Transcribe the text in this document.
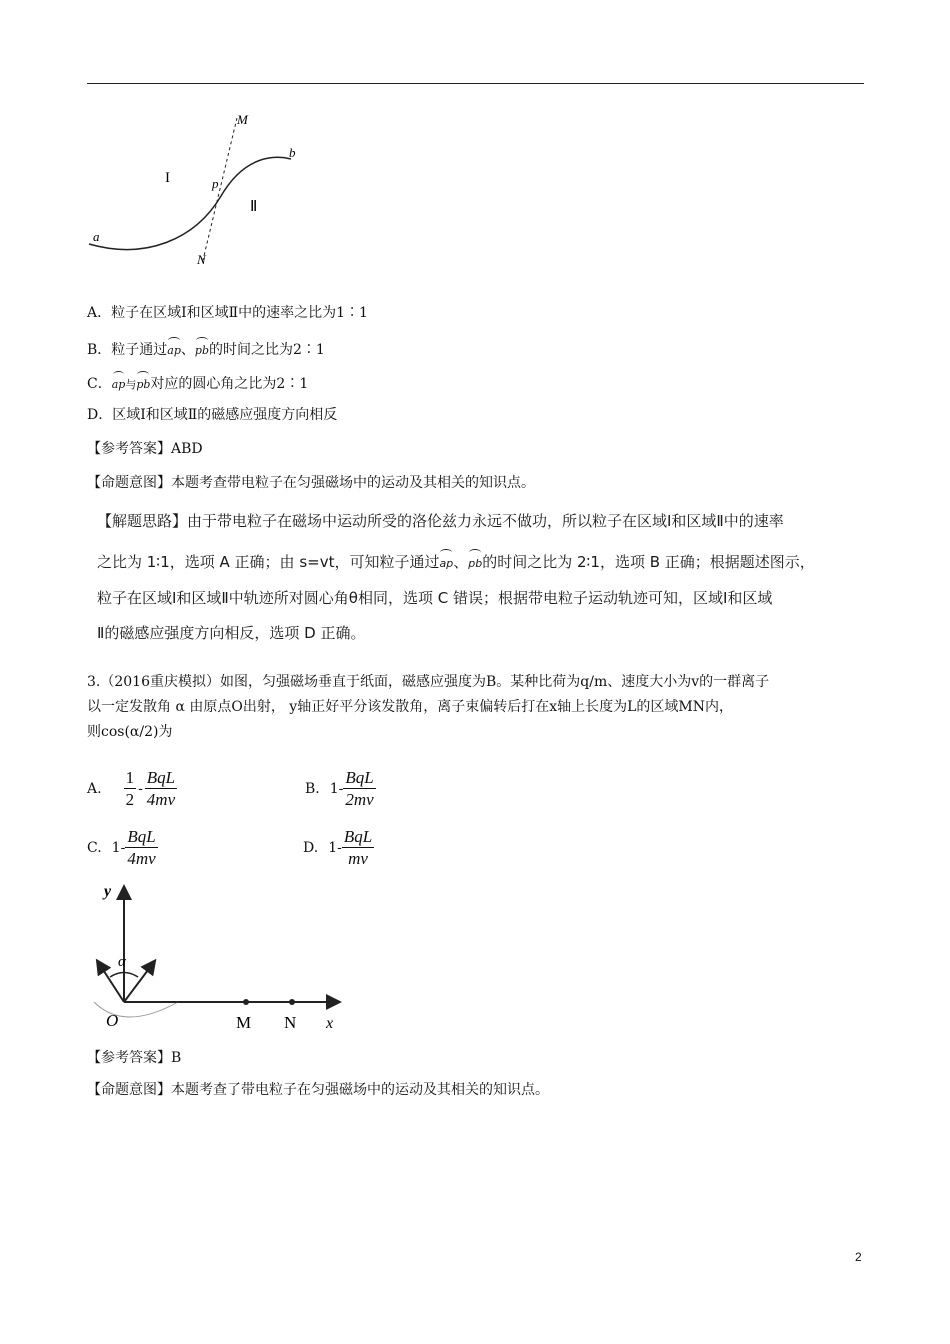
M
b
I	p
Ⅱ
a
N
A．粒子在区域Ⅰ和区域Ⅱ中的速率之比为1∶1
B．粒子通过ap、pb的时间之比为2∶1
C．ap与pb对应的圆心角之比为2∶1
D．区域Ⅰ和区域Ⅱ的磁感应强度方向相反
【参考答案】ABD
【命题意图】本题考查带电粒子在匀强磁场中的运动及其相关的知识点。
【解题思路】由于带电粒子在磁场中运动所受的洛伦兹力永远不做功，所以粒子在区域Ⅰ和区域Ⅱ中的速率
之比为 1∶1，选项 A 正确；由 s=vt，可知粒子通过ap、pb的时间之比为 2∶1，选项 B 正确；根据题述图示，
粒子在区域Ⅰ和区域Ⅱ中轨迹所对圆心角θ相同，选项 C 错误；根据带电粒子运动轨迹可知，区域Ⅰ和区域
Ⅱ的磁感应强度方向相反，选项 D 正确。
3.（2016重庆模拟）如图，匀强磁场垂直于纸面，磁感应强度为B。某种比荷为q/m、速度大小为v的一群离子
以一定发散角 α 由原点O出射， y轴正好平分该发散角，离子束偏转后打在x轴上长度为L的区域MN内，
则cos(α/2)为
A. $\frac{1}{2} - \frac{\text{BqL}}{4mv}$	B. $1- \frac{\text{BqL}}{2mv}$
C. $1- \frac{\text{BqL}}{4mv}$	D. $1- \frac{\text{BqL}}{mv}$
y
α
O	M N x
【参考答案】B
【命题意图】本题考查了带电粒子在匀强磁场中的运动及其相关的知识点。
2
